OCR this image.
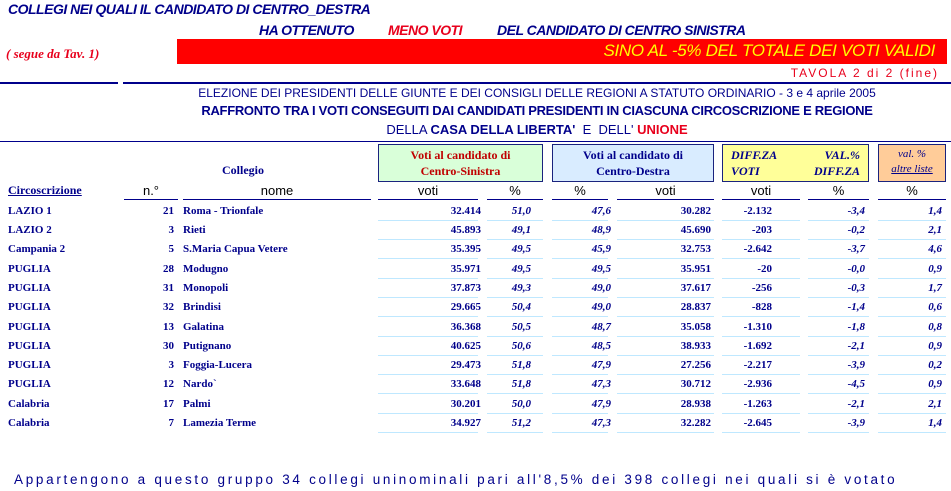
COLLEGI NEI QUALI IL CANDIDATO DI CENTRO_DESTRA
HA OTTENUTO MENO VOTI DEL CANDIDATO DI CENTRO SINISTRA
( segue da Tav. 1)	SINO AL -5% DEL TOTALE DEI VOTI VALIDI
TAVOLA 2 di 2 (fine)
ELEZIONE DEI PRESIDENTI DELLE GIUNTE E DEI CONSIGLI DELLE REGIONI A STATUTO ORDINARIO - 3 e 4 aprile 2005
RAFFRONTO TRA I VOTI CONSEGUITI DAI CANDIDATI PRESIDENTI IN CIASCUNA CIRCOSCRIZIONE E REGIONE
DELLA CASA DELLA LIBERTA'  E  DELL' UNIONE
Voti al candidato di
Centro-Sinistra
Voti al candidato di
Centro-Destra
DIFF.ZA	VAL.%
VOTI	DIFF.ZA
val. %
altre liste
Collegio
Circoscrizione	n.°	nome	voti	%	%	voti	voti	%	%
LAZIO 1	21 Roma - Trionfale	32.414	51,0	47,6	30.282	-2.132	-3,4	1,4
LAZIO 2	3 Rieti	45.893	49,1	48,9	45.690	-203	-0,2	2,1
Campania 2	5 S.Maria Capua Vetere	35.395	49,5	45,9	32.753	-2.642	-3,7	4,6
PUGLIA	28 Modugno	35.971	49,5	49,5	35.951	-20	-0,0	0,9
PUGLIA	31 Monopoli	37.873	49,3	49,0	37.617	-256	-0,3	1,7
PUGLIA	32 Brindisi	29.665	50,4	49,0	28.837	-828	-1,4	0,6
PUGLIA	13 Galatina	36.368	50,5	48,7	35.058	-1.310	-1,8	0,8
PUGLIA	30 Putignano	40.625	50,6	48,5	38.933	-1.692	-2,1	0,9
PUGLIA	3 Foggia-Lucera	29.473	51,8	47,9	27.256	-2.217	-3,9	0,2
PUGLIA	12 Nardo`	33.648	51,8	47,3	30.712	-2.936	-4,5	0,9
Calabria	17 Palmi	30.201	50,0	47,9	28.938	-1.263	-2,1	2,1
Calabria	7 Lamezia Terme	34.927	51,2	47,3	32.282	-2.645	-3,9	1,4
Appartengono a questo gruppo 34 collegi uninominali pari all'8,5% dei 398 collegi nei quali si è votato
